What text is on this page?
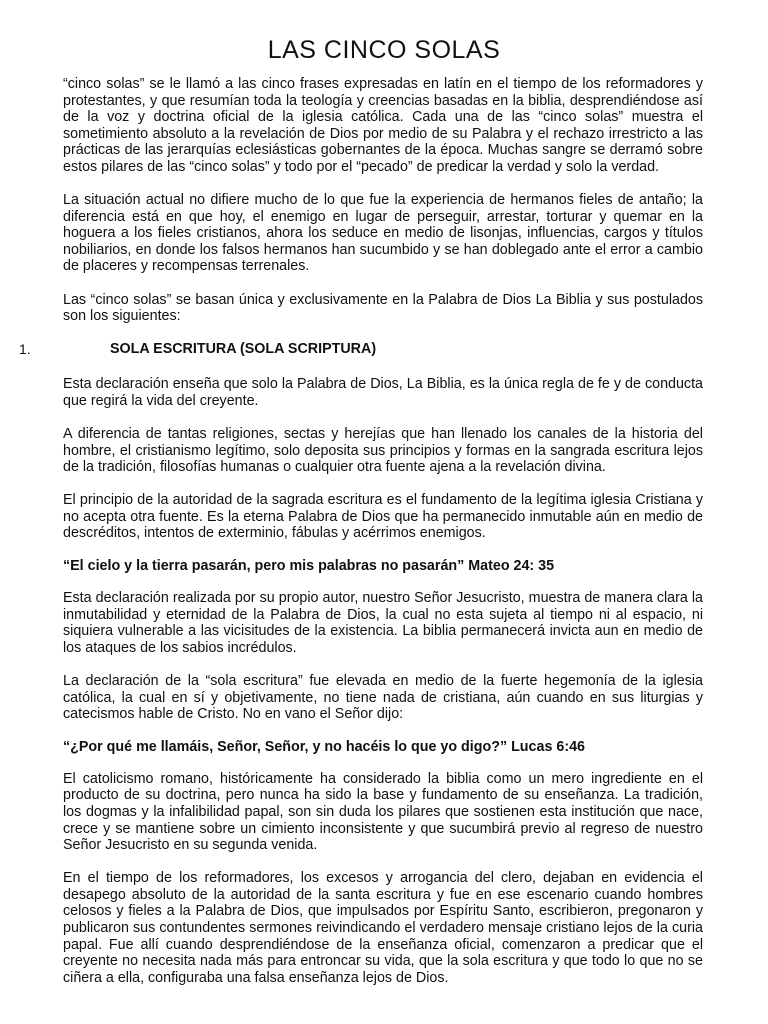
LAS CINCO SOLAS

“cinco solas” se le llamó a las cinco frases expresadas en latín en el tiempo de los reformadores y protestantes, y que resumían toda la teología y creencias basadas en la biblia, desprendiéndose así de la voz y doctrina oficial de la iglesia católica. Cada una de las “cinco solas” muestra el sometimiento absoluto a la revelación de Dios por medio de su Palabra y el rechazo irrestricto a las prácticas de las jerarquías eclesiásticas gobernantes de la época. Muchas sangre se derramó sobre estos pilares de las “cinco solas” y todo por el “pecado” de predicar la verdad y solo la verdad.

La situación actual no difiere mucho de lo que fue la experiencia de hermanos fieles de antaño; la diferencia está en que hoy, el enemigo en lugar de perseguir, arrestar, torturar y quemar en la hoguera a los fieles cristianos, ahora los seduce en medio de lisonjas, influencias, cargos y títulos nobiliarios, en donde los falsos hermanos han sucumbido y se han doblegado ante el error a cambio de placeres y recompensas terrenales.

Las “cinco solas” se basan única y exclusivamente en la Palabra de Dios La Biblia y sus postulados son los siguientes:

1.	SOLA ESCRITURA (SOLA SCRIPTURA)

Esta declaración enseña que solo la Palabra de Dios, La Biblia, es la única regla de fe y de conducta que regirá la vida del creyente.

A diferencia de tantas religiones, sectas y herejías que han llenado los canales de la historia del hombre, el cristianismo legítimo, solo deposita sus principios y formas en la sangrada escritura lejos de la tradición, filosofías humanas o cualquier otra fuente ajena a la revelación divina.

El principio de la autoridad de la sagrada escritura es el fundamento de la legítima iglesia Cristiana y no acepta otra fuente. Es la eterna Palabra de Dios que ha permanecido inmutable aún en medio de descréditos, intentos de exterminio, fábulas y acérrimos enemigos.

“El cielo y la tierra pasarán, pero mis palabras no pasarán” Mateo 24: 35

Esta declaración realizada por su propio autor, nuestro Señor Jesucristo, muestra de manera clara la inmutabilidad y eternidad de la Palabra de Dios, la cual no esta sujeta al tiempo ni al espacio, ni siquiera vulnerable a las vicisitudes de la existencia. La biblia permanecerá invicta aun en medio de los ataques de los sabios incrédulos.

La declaración de la “sola escritura” fue elevada en medio de la fuerte hegemonía de la iglesia católica, la cual en sí y objetivamente, no tiene nada de cristiana, aún cuando en sus liturgias y catecismos hable de Cristo. No en vano el Señor dijo:

“¿Por qué me llamáis, Señor, Señor, y no hacéis lo que yo digo?” Lucas 6:46

El catolicismo romano, históricamente ha considerado la biblia como un mero ingrediente en el producto de su doctrina, pero nunca ha sido la base y fundamento de su enseñanza. La tradición, los dogmas y la infalibilidad papal, son sin duda los pilares que sostienen esta institución que nace, crece y se mantiene sobre un cimiento inconsistente y que sucumbirá previo al regreso de nuestro Señor Jesucristo en su segunda venida.

En el tiempo de los reformadores, los excesos y arrogancia del clero, dejaban en evidencia el desapego absoluto de la autoridad de la santa escritura y fue en ese escenario cuando hombres celosos y fieles a la Palabra de Dios, que impulsados por Espíritu Santo, escribieron, pregonaron y publicaron sus contundentes sermones reivindicando el verdadero mensaje cristiano lejos de la curia papal. Fue allí cuando desprendiéndose de la enseñanza oficial, comenzaron a predicar que el creyente no necesita nada más para entroncar su vida, que la sola escritura y que todo lo que no se ciñera a ella, configuraba una falsa enseñanza lejos de Dios.
